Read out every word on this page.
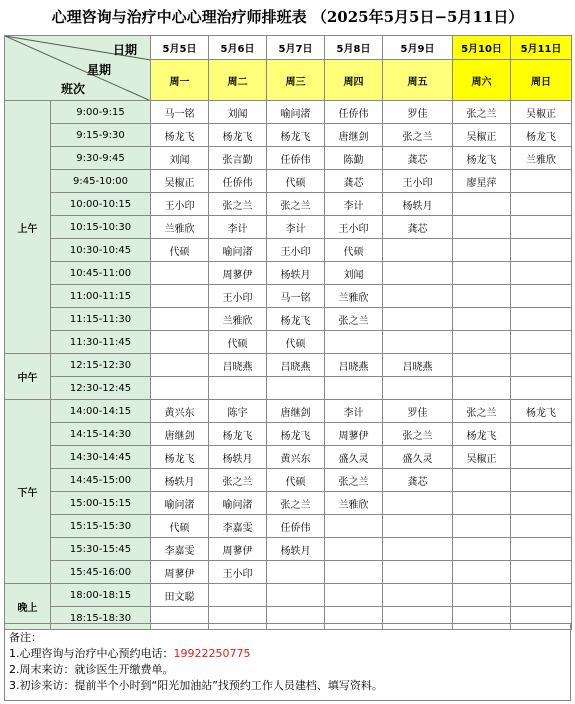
心理咨询与治疗中心心理治疗师排班表 （2025年5月5日−5月11日）
日期
星期
班次		5月5日	5月6日	5月7日	5月8日	5月9日	5月10日	5月11日
		周一	周二	周三	周四	周五	周六	周日
上午	9:00-9:15	马一铭	刘闻	喻问渚	任侨伟	罗佳	张之兰	吴椒正
	9:15-9:30	杨龙飞	杨龙飞	杨龙飞	唐继剑	张之兰	吴椒正	杨龙飞
	9:30-9:45	刘闻	张言勤	任侨伟	陈勤	龚芯	杨龙飞	兰雅欣
	9:45-10:00	吴椒正	任侨伟	代硕	龚芯	王小印	廖星萍	
	10:00-10:15	王小印	张之兰	张之兰	李计	杨轶月		
	10:15-10:30	兰雅欣	李计	李计	王小印	龚芯		
	10:30-10:45	代硕	喻问渚	王小印	代硕			
	10:45-11:00		周蓼伊	杨轶月	刘闻			
	11:00-11:15		王小印	马一铭	兰雅欣			
	11:15-11:30		兰雅欣	杨龙飞	张之兰			
	11:30-11:45		代硕	代硕				
中午	12:15-12:30		吕晓燕	吕晓燕	吕晓燕	吕晓燕		
	12:30-12:45							
下午	14:00-14:15	黄兴东	陈宇	唐继剑	李计	罗佳	张之兰	杨龙飞
	14:15-14:30	唐继剑	杨龙飞	杨龙飞	周蓼伊	张之兰	杨龙飞	
	14:30-14:45	杨龙飞	杨轶月	黄兴东	盛久灵	盛久灵	吴椒正	
	14:45-15:00	杨轶月	张之兰	代硕	张之兰	龚芯		
	15:00-15:15	喻问渚	喻问渚	张之兰	兰雅欣			
	15:15-15:30	代硕	李嘉雯	任侨伟				
	15:30-15:45	李嘉雯	周蓼伊	杨轶月				
	15:45-16:00	周蓼伊	王小印					
晚上	18:00-18:15	田文聪						
	18:15-18:30							
备注：
1.心理咨询与治疗中心预约电话：19922250775
2.周末来访：就诊医生开缴费单。
3.初诊来访：提前半个小时到“阳光加油站”找预约工作人员建档、填写资料。
